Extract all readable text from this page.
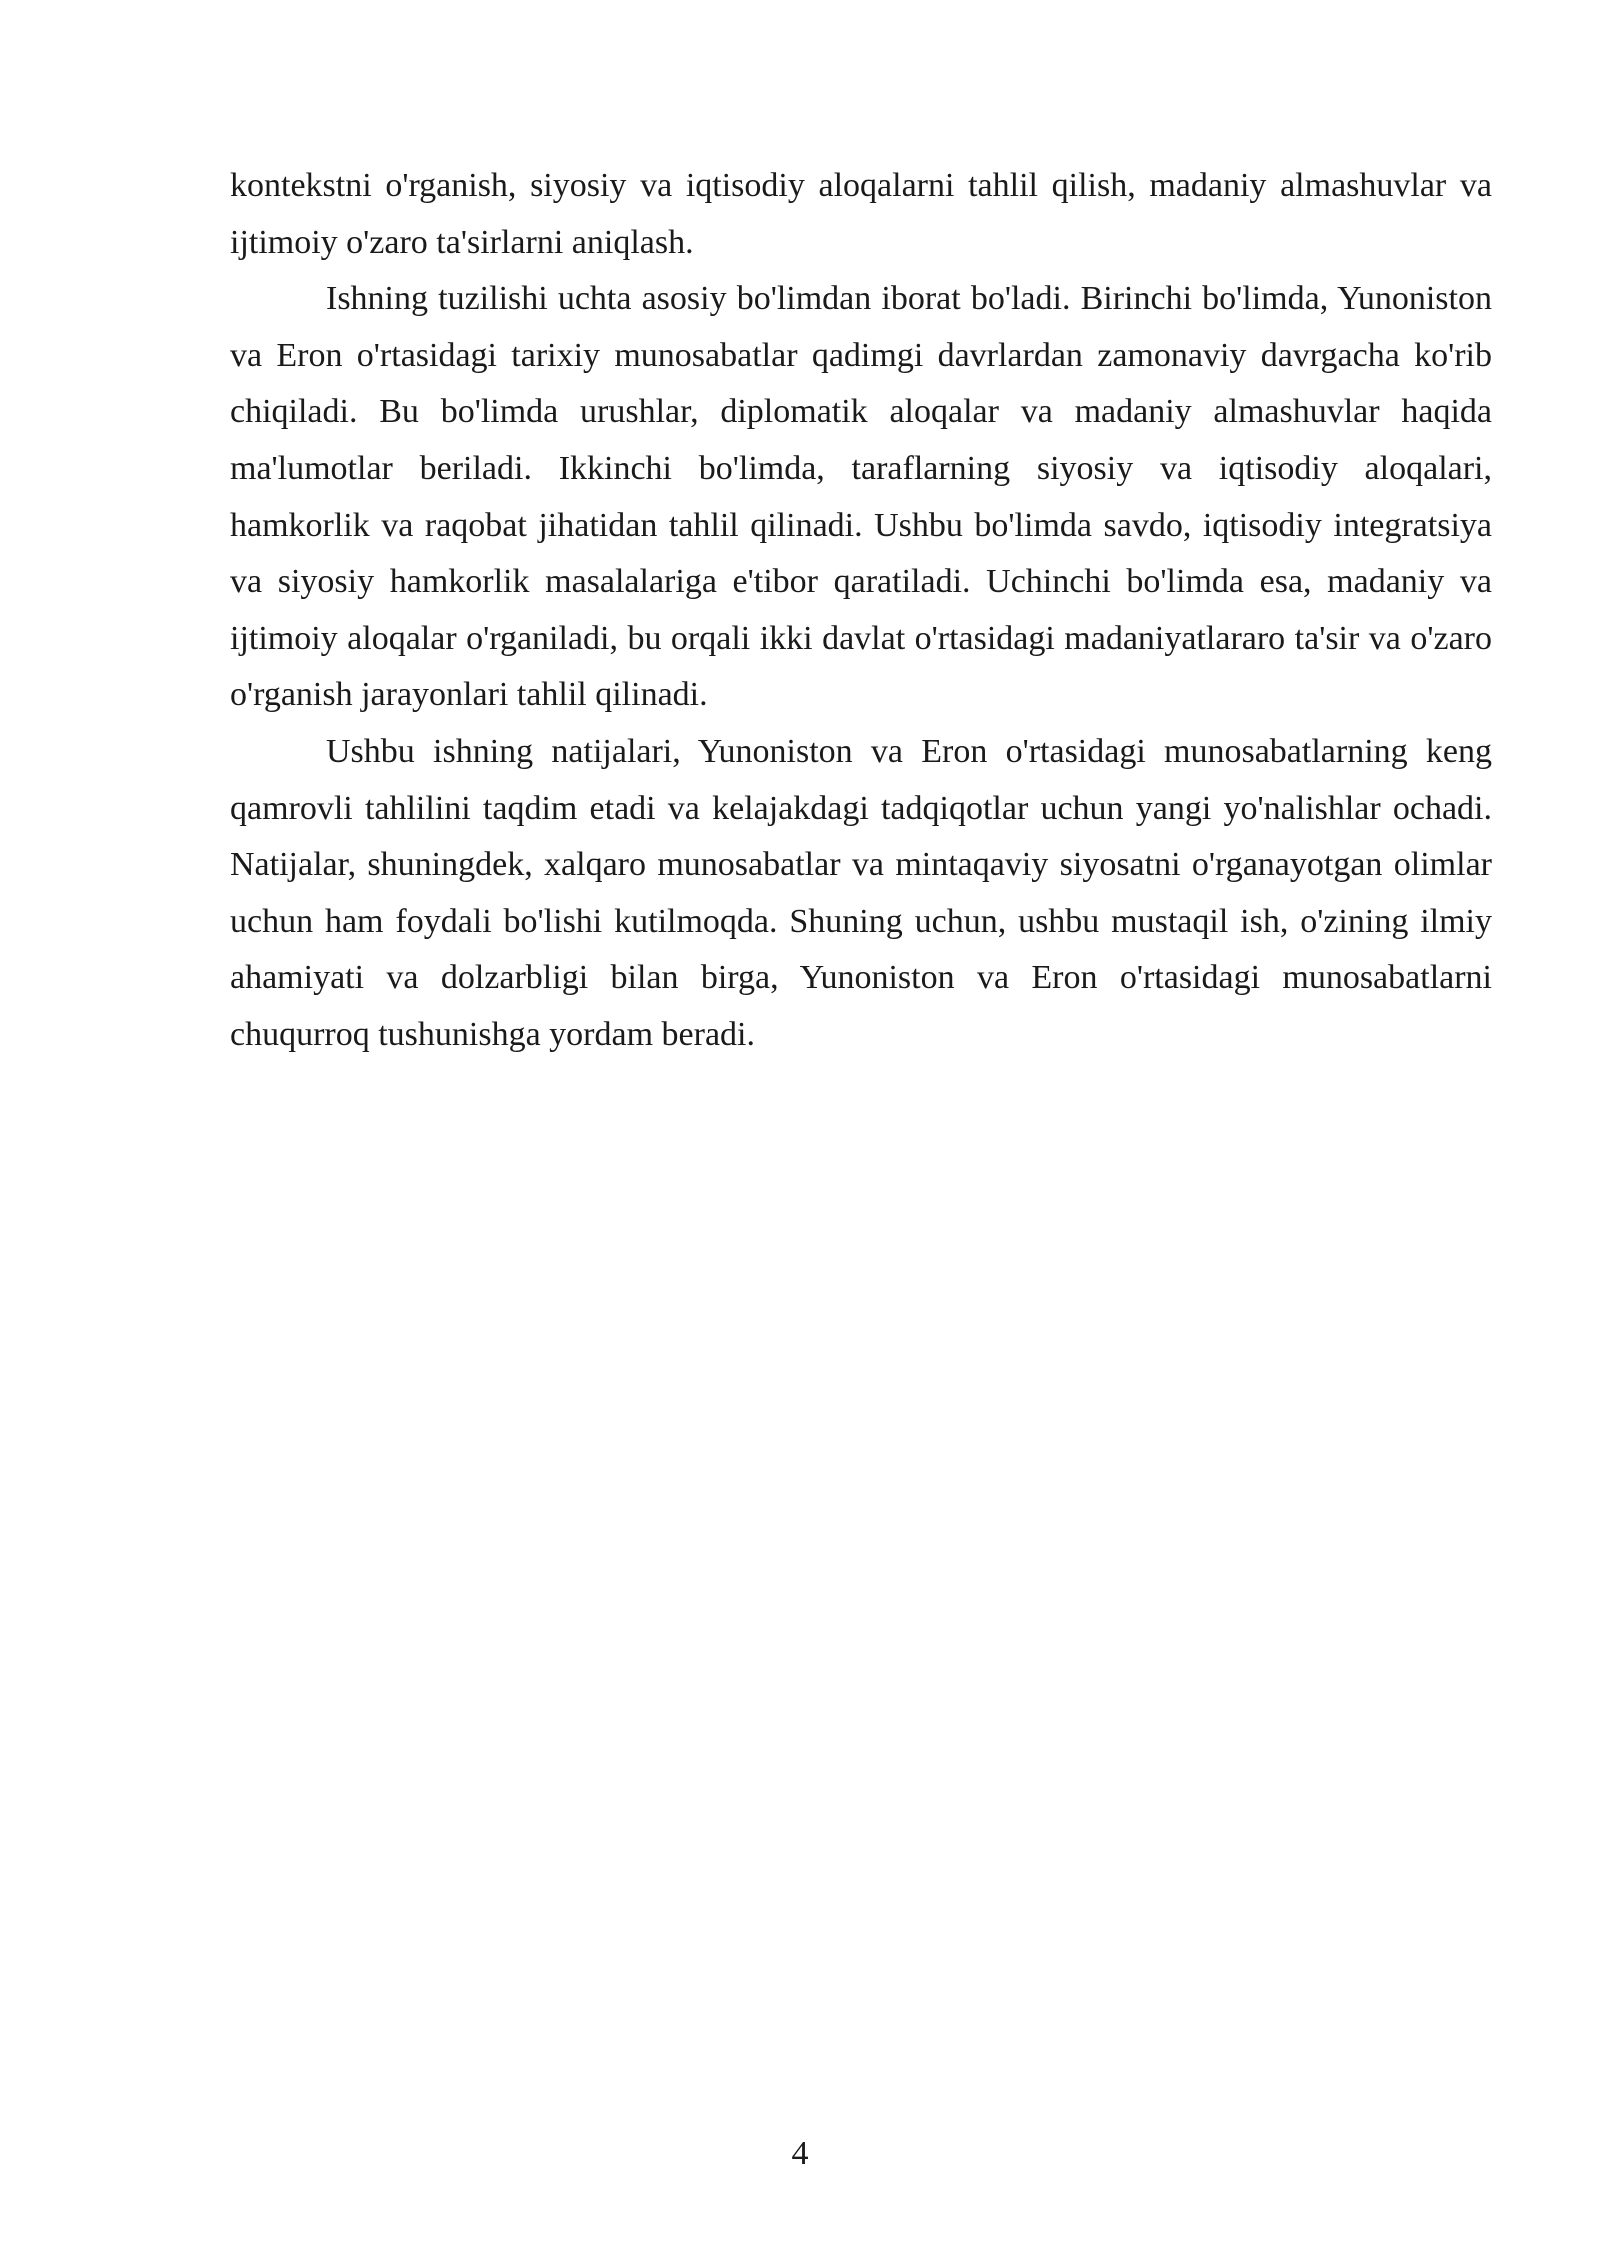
kontekstni o'rganish, siyosiy va iqtisodiy aloqalarni tahlil qilish, madaniy almashuvlar va ijtimoiy o'zaro ta'sirlarni aniqlash.

Ishning tuzilishi uchta asosiy bo'limdan iborat bo'ladi. Birinchi bo'limda, Yunoniston va Eron o'rtasidagi tarixiy munosabatlar qadimgi davrlardan zamonaviy davrgacha ko'rib chiqiladi. Bu bo'limda urushlar, diplomatik aloqalar va madaniy almashuvlar haqida ma'lumotlar beriladi. Ikkinchi bo'limda, taraflarning siyosiy va iqtisodiy aloqalari, hamkorlik va raqobat jihatidan tahlil qilinadi. Ushbu bo'limda savdo, iqtisodiy integratsiya va siyosiy hamkorlik masalalariga e'tibor qaratiladi. Uchinchi bo'limda esa, madaniy va ijtimoiy aloqalar o'rganiladi, bu orqali ikki davlat o'rtasidagi madaniyatlararo ta'sir va o'zaro o'rganish jarayonlari tahlil qilinadi.

Ushbu ishning natijalari, Yunoniston va Eron o'rtasidagi munosabatlarning keng qamrovli tahlilini taqdim etadi va kelajakdagi tadqiqotlar uchun yangi yo'nalishlar ochadi. Natijalar, shuningdek, xalqaro munosabatlar va mintaqaviy siyosatni o'rganayotgan olimlar uchun ham foydali bo'lishi kutilmoqda. Shuning uchun, ushbu mustaqil ish, o'zining ilmiy ahamiyati va dolzarbligi bilan birga, Yunoniston va Eron o'rtasidagi munosabatlarni chuqurroq tushunishga yordam beradi.

4
